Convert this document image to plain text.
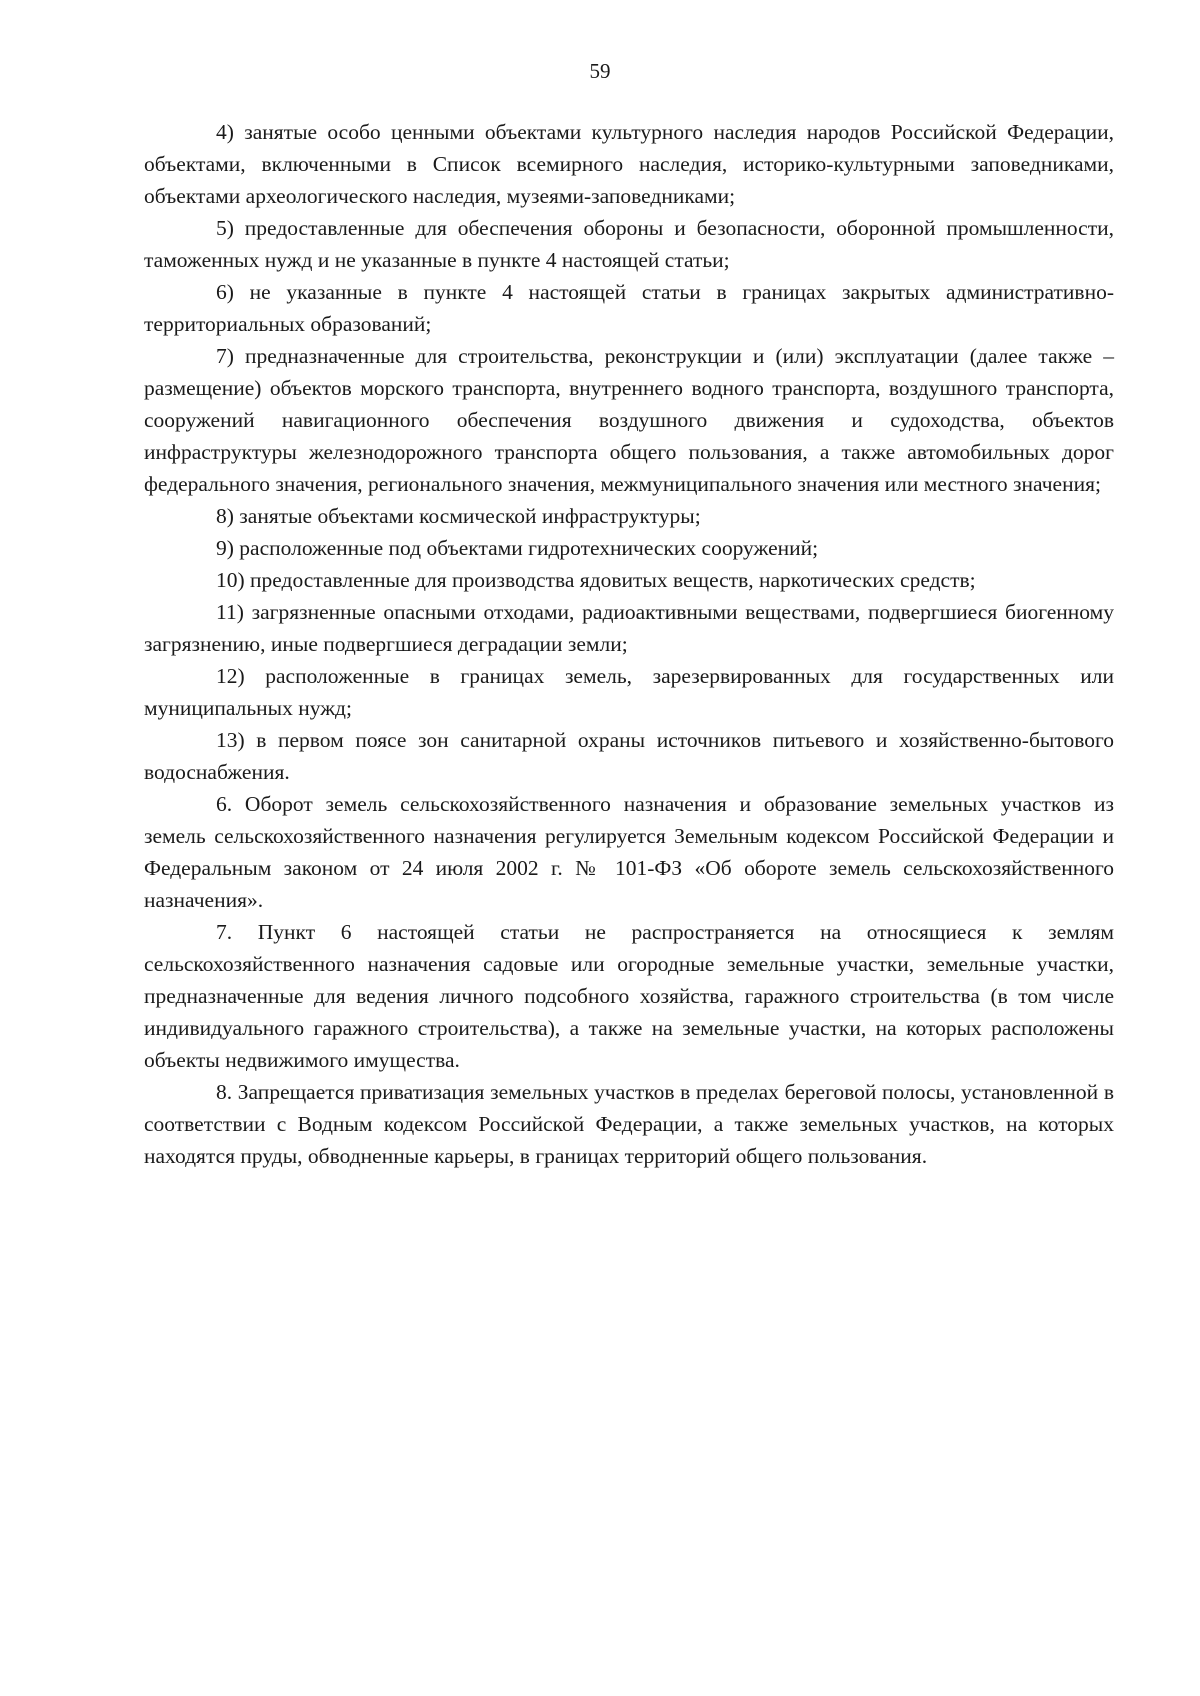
59

4) занятые особо ценными объектами культурного наследия народов Российской Федерации, объектами, включенными в Список всемирного наследия, историко-культурными заповедниками, объектами археологического наследия, музеями-заповедниками;

5) предоставленные для обеспечения обороны и безопасности, оборонной промышленности, таможенных нужд и не указанные в пункте 4 настоящей статьи;

6) не указанные в пункте 4 настоящей статьи в границах закрытых административно-территориальных образований;

7) предназначенные для строительства, реконструкции и (или) эксплуатации (далее также – размещение) объектов морского транспорта, внутреннего водного транспорта, воздушного транспорта, сооружений навигационного обеспечения воздушного движения и судоходства, объектов инфраструктуры железнодорожного транспорта общего пользования, а также автомобильных дорог федерального значения, регионального значения, межмуниципального значения или местного значения;

8) занятые объектами космической инфраструктуры;

9) расположенные под объектами гидротехнических сооружений;

10) предоставленные для производства ядовитых веществ, наркотических средств;

11) загрязненные опасными отходами, радиоактивными веществами, подвергшиеся биогенному загрязнению, иные подвергшиеся деградации земли;

12) расположенные в границах земель, зарезервированных для государственных или муниципальных нужд;

13) в первом поясе зон санитарной охраны источников питьевого и хозяйственно-бытового водоснабжения.

6. Оборот земель сельскохозяйственного назначения и образование земельных участков из земель сельскохозяйственного назначения регулируется Земельным кодексом Российской Федерации и Федеральным законом от 24 июля 2002 г. № 101-ФЗ «Об обороте земель сельскохозяйственного назначения».

7. Пункт 6 настоящей статьи не распространяется на относящиеся к землям сельскохозяйственного назначения садовые или огородные земельные участки, земельные участки, предназначенные для ведения личного подсобного хозяйства, гаражного строительства (в том числе индивидуального гаражного строительства), а также на земельные участки, на которых расположены объекты недвижимого имущества.

8. Запрещается приватизация земельных участков в пределах береговой полосы, установленной в соответствии с Водным кодексом Российской Федерации, а также земельных участков, на которых находятся пруды, обводненные карьеры, в границах территорий общего пользования.
